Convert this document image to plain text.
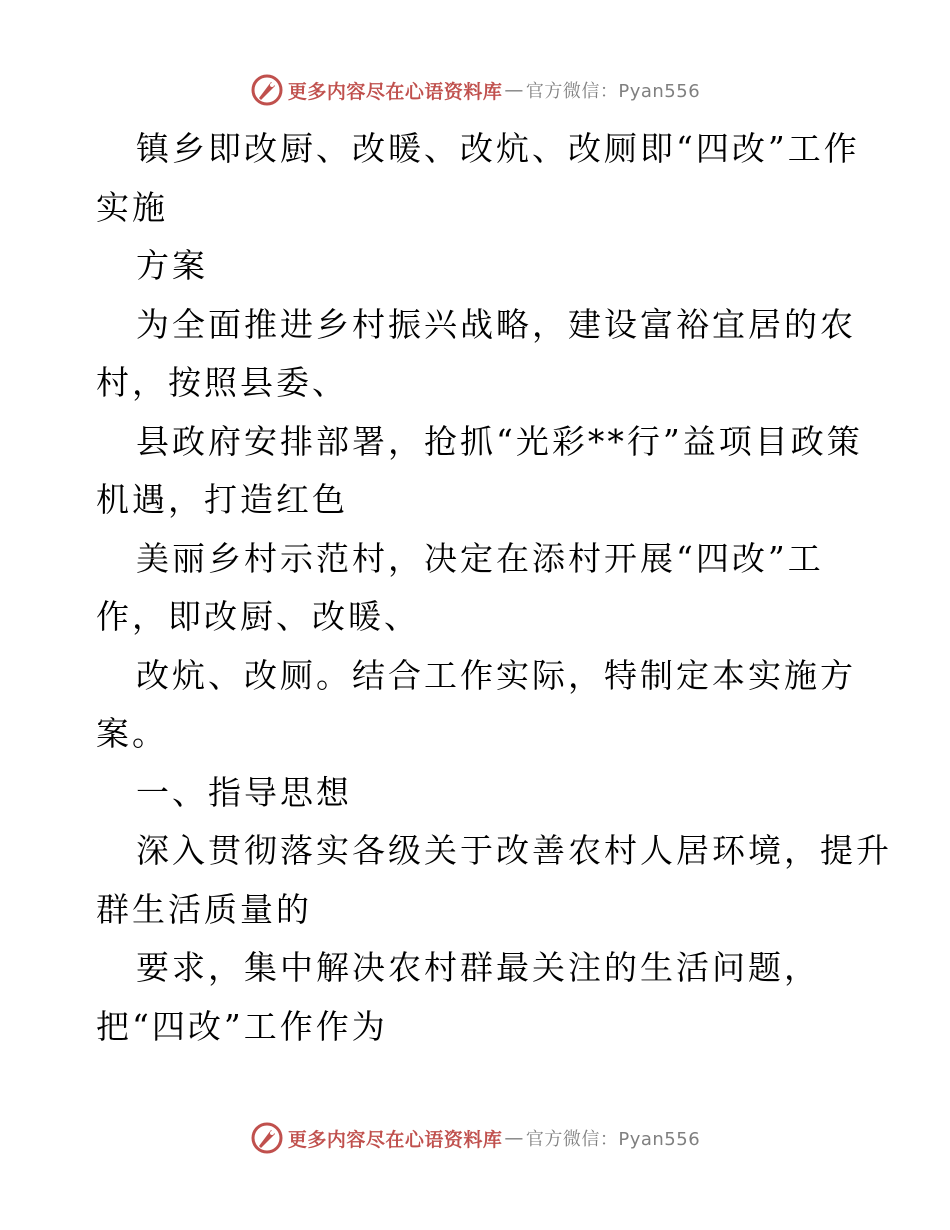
更多内容尽在心语资料库 — 官方微信：Pyan556

镇乡即改厨、改暖、改炕、改厕即“四改”工作

实施

方案

为全面推进乡村振兴战略，建设富裕宜居的农

村，按照县委、

县政府安排部署，抢抓“光彩**行”益项目政策

机遇，打造红色

美丽乡村示范村，决定在添村开展“四改”工

作，即改厨、改暖、

改炕、改厕。结合工作实际，特制定本实施方

案。

一、指导思想

深入贯彻落实各级关于改善农村人居环境，提升

群生活质量的

要求，集中解决农村群最关注的生活问题，

把“四改”工作作为

更多内容尽在心语资料库 — 官方微信：Pyan556
